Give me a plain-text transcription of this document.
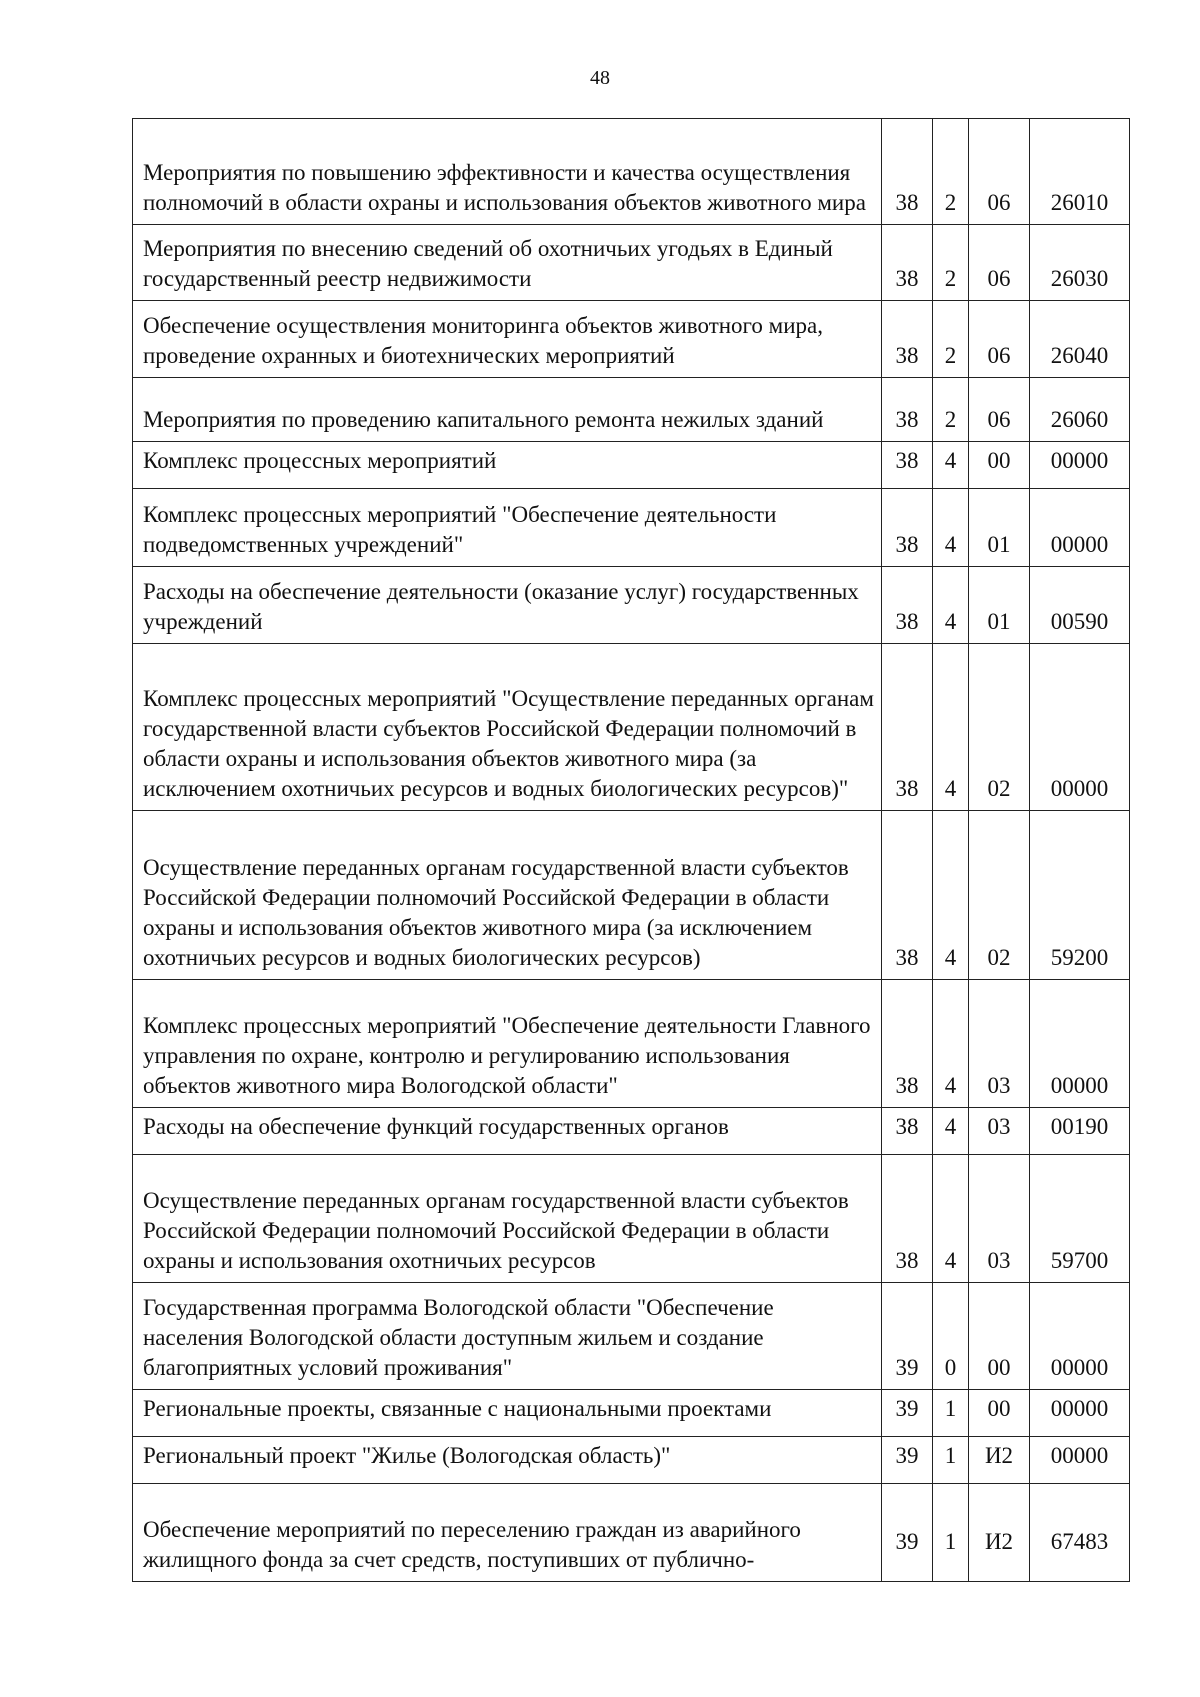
48
Мероприятия по повышению эффективности и качества осуществления полномочий в области охраны и использования объектов животного мира	38	2	06	26010
Мероприятия по внесению сведений об охотничьих угодьях в Единый государственный реестр недвижимости	38	2	06	26030
Обеспечение осуществления мониторинга объектов животного мира, проведение охранных и биотехнических мероприятий	38	2	06	26040
Мероприятия по проведению капитального ремонта нежилых зданий	38	2	06	26060
Комплекс процессных мероприятий	38	4	00	00000
Комплекс процессных мероприятий "Обеспечение деятельности подведомственных учреждений"	38	4	01	00000
Расходы на обеспечение деятельности (оказание услуг) государственных учреждений	38	4	01	00590
Комплекс процессных мероприятий "Осуществление переданных органам государственной власти субъектов Российской Федерации полномочий в области охраны и использования объектов животного мира (за исключением охотничьих ресурсов и водных биологических ресурсов)"	38	4	02	00000
Осуществление переданных органам государственной власти субъектов Российской Федерации полномочий Российской Федерации в области охраны и использования объектов животного мира (за исключением охотничьих ресурсов и водных биологических ресурсов)	38	4	02	59200
Комплекс процессных мероприятий "Обеспечение деятельности Главного управления по охране, контролю и регулированию использования объектов животного мира Вологодской области"	38	4	03	00000
Расходы на обеспечение функций государственных органов	38	4	03	00190
Осуществление переданных органам государственной власти субъектов Российской Федерации полномочий Российской Федерации в области охраны и использования охотничьих ресурсов	38	4	03	59700
Государственная программа Вологодской области "Обеспечение населения Вологодской области доступным жильем и создание благоприятных условий проживания"	39	0	00	00000
Региональные проекты, связанные с национальными проектами	39	1	00	00000
Региональный проект "Жилье (Вологодская область)"	39	1	И2	00000
Обеспечение мероприятий по переселению граждан из аварийного жилищного фонда за счет средств, поступивших от публично-	39	1	И2	67483
